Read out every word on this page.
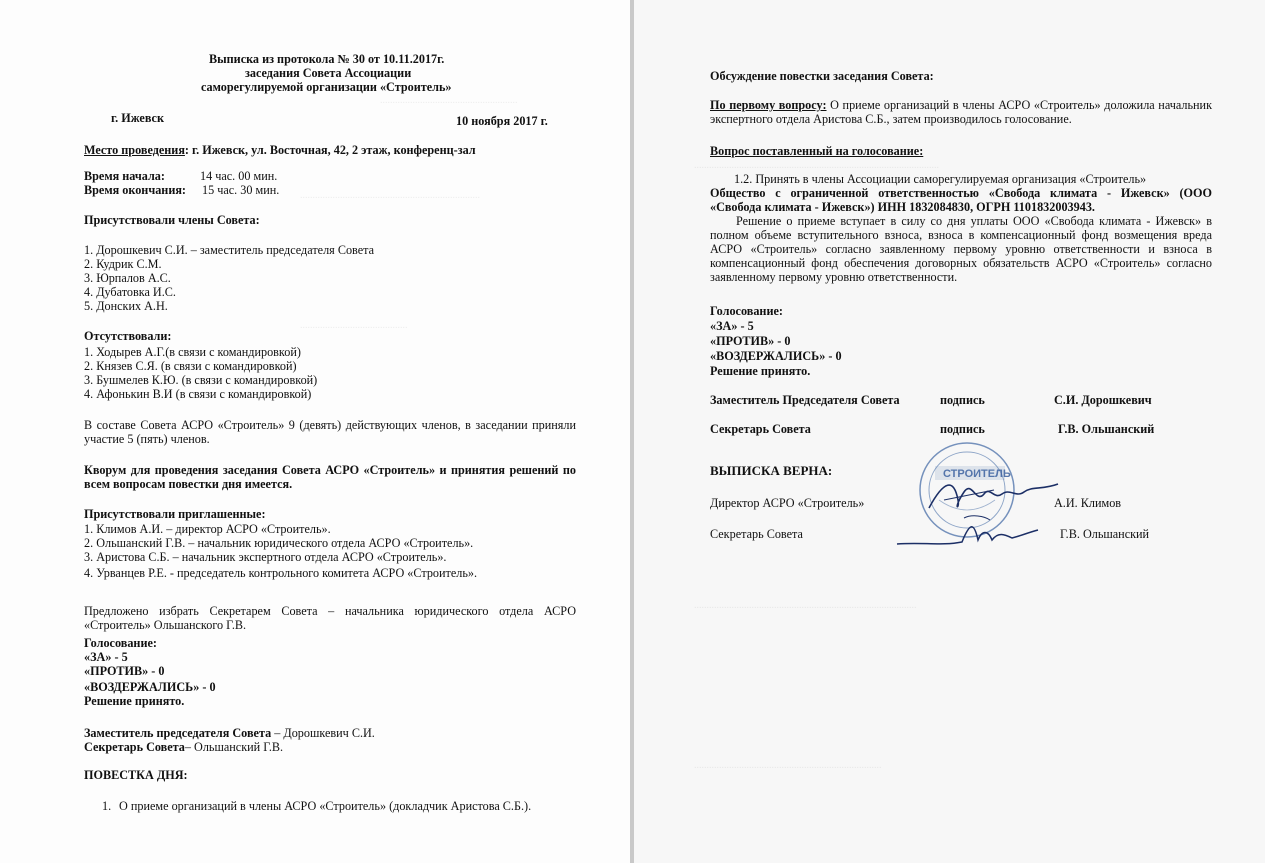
.......................................................
........................................................................
...........................................
Выписка из протокола № 30 от 10.11.2017г.
заседания Совета Ассоциации
саморегулируемой организации «Строитель»
г. Ижевск	10 ноября 2017 г.
Место проведения: г. Ижевск, ул. Восточная, 42, 2 этаж, конференц-зал
Время начала:	14 час. 00 мин.
Время окончания: 15 час. 30 мин.
Присутствовали члены Совета:
1. Дорошкевич С.И. – заместитель председателя Совета
2. Кудрик С.М.
3. Юрпалов А.С.
4. Дубатовка И.С.
5. Донских А.Н.
Отсутствовали:
1. Ходырев А.Г.(в связи с командировкой)
2. Князев С.Я. (в связи с командировкой)
3. Бушмелев К.Ю. (в связи с командировкой)
4. Афонькин В.И (в связи с командировкой)
В составе Совета АСРО «Строитель» 9 (девять) действующих членов, в заседании приняли участие 5 (пять) членов.
Кворум для проведения заседания Совета АСРО «Строитель» и принятия решений по всем вопросам повестки дня имеется.
Присутствовали приглашенные:
1. Климов А.И. – директор АСРО «Строитель».
2. Ольшанский Г.В. – начальник юридического отдела АСРО «Строитель».
3. Аристова С.Б. – начальник экспертного отдела АСРО «Строитель».
4. Урванцев Р.Е. - председатель контрольного комитета АСРО «Строитель».
Предложено избрать Секретарем Совета – начальника юридического отдела АСРО «Строитель» Ольшанского Г.В.
Голосование:
«ЗА» - 5
«ПРОТИВ» - 0
«ВОЗДЕРЖАЛИСЬ» - 0
Решение принято.
Заместитель председателя Совета – Дорошкевич С.И.
Секретарь Совета– Ольшанский Г.В.
ПОВЕСТКА ДНЯ:
1. О приеме организаций в члены АСРО «Строитель» (докладчик Аристова С.Б.).
..................................................................................................
.........................................................................................
...........................................................................
Обсуждение повестки заседания Совета:
По первому вопросу: О приеме организаций в члены АСРО «Строитель» доложила начальник экспертного отдела Аристова С.Б., затем производилось голосование.
Вопрос поставленный на голосование:
1.2. Принять в члены Ассоциации саморегулируемая организация «Строитель»
Общество с ограниченной ответственностью «Свобода климата - Ижевск» (ООО «Свобода климата - Ижевск») ИНН 1832084830, ОГРН 1101832003943.
Решение о приеме вступает в силу со дня уплаты ООО «Свобода климата - Ижевск» в полном объеме вступительного взноса, взноса в компенсационный фонд возмещения вреда АСРО «Строитель» согласно заявленному первому уровню ответственности и взноса в компенсационный фонд обеспечения договорных обязательств АСРО «Строитель» согласно заявленному первому уровню ответственности.
Голосование:
«ЗА» - 5
«ПРОТИВ» - 0
«ВОЗДЕРЖАЛИСЬ» - 0
Решение принято.
Заместитель Председателя Совета	подпись	С.И. Дорошкевич
Секретарь Совета	подпись	Г.В. Ольшанский
СТРОИТЕЛЬ
ВЫПИСКА ВЕРНА:
Директор АСРО «Строитель»	А.И. Климов
Секретарь Совета	Г.В. Ольшанский
